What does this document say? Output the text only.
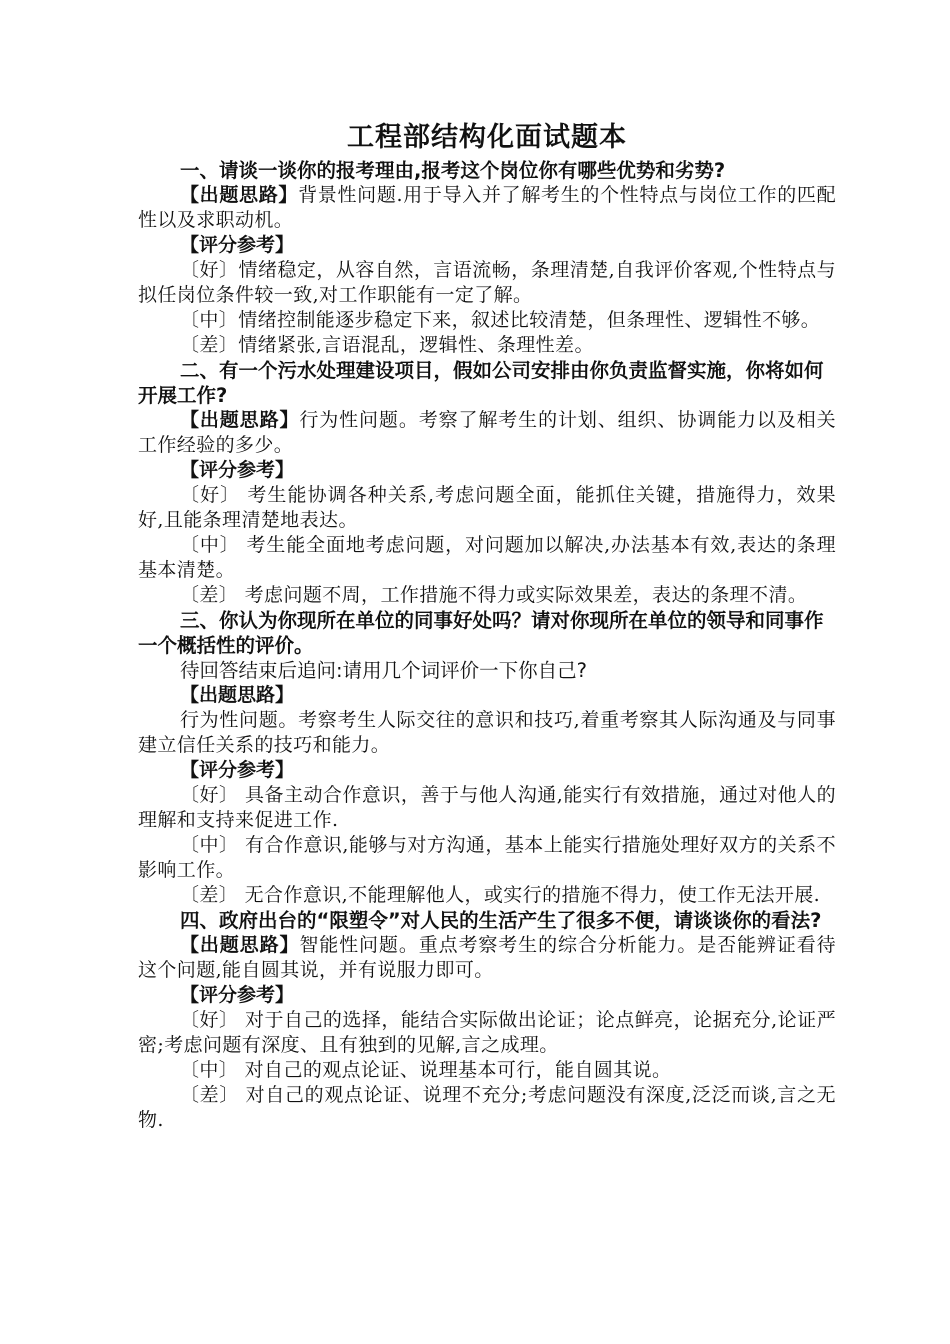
工程部结构化面试题本
一、请谈一谈你的报考理由,报考这个岗位你有哪些优势和劣势?
【出题思路】背景性问题.用于导入并了解考生的个性特点与岗位工作的匹配性以及求职动机。
【评分参考】
〔好〕情绪稳定，从容自然，言语流畅，条理清楚,自我评价客观,个性特点与拟任岗位条件较一致,对工作职能有一定了解。
〔中〕情绪控制能逐步稳定下来，叙述比较清楚，但条理性、逻辑性不够。
〔差〕情绪紧张,言语混乱，逻辑性、条理性差。
二、有一个污水处理建设项目，假如公司安排由你负责监督实施，你将如何开展工作?
【出题思路】行为性问题。考察了解考生的计划、组织、协调能力以及相关工作经验的多少。
【评分参考】
〔好〕 考生能协调各种关系,考虑问题全面，能抓住关键，措施得力，效果好,且能条理清楚地表达。
〔中〕 考生能全面地考虑问题，对问题加以解决,办法基本有效,表达的条理基本清楚。
〔差〕 考虑问题不周，工作措施不得力或实际效果差，表达的条理不清。
三、你认为你现所在单位的同事好处吗？请对你现所在单位的领导和同事作一个概括性的评价。
待回答结束后追问:请用几个词评价一下你自己?
【出题思路】
行为性问题。考察考生人际交往的意识和技巧,着重考察其人际沟通及与同事建立信任关系的技巧和能力。
【评分参考】
〔好〕 具备主动合作意识，善于与他人沟通,能实行有效措施，通过对他人的理解和支持来促进工作.
〔中〕 有合作意识,能够与对方沟通，基本上能实行措施处理好双方的关系不影响工作。
〔差〕 无合作意识,不能理解他人，或实行的措施不得力，使工作无法开展.
四、政府出台的“限塑令”对人民的生活产生了很多不便，请谈谈你的看法?
【出题思路】智能性问题。重点考察考生的综合分析能力。是否能辨证看待这个问题,能自圆其说，并有说服力即可。
【评分参考】
〔好〕 对于自己的选择，能结合实际做出论证；论点鲜亮，论据充分,论证严密;考虑问题有深度、且有独到的见解,言之成理。
〔中〕 对自己的观点论证、说理基本可行，能自圆其说。
〔差〕 对自己的观点论证、说理不充分;考虑问题没有深度,泛泛而谈,言之无物.
